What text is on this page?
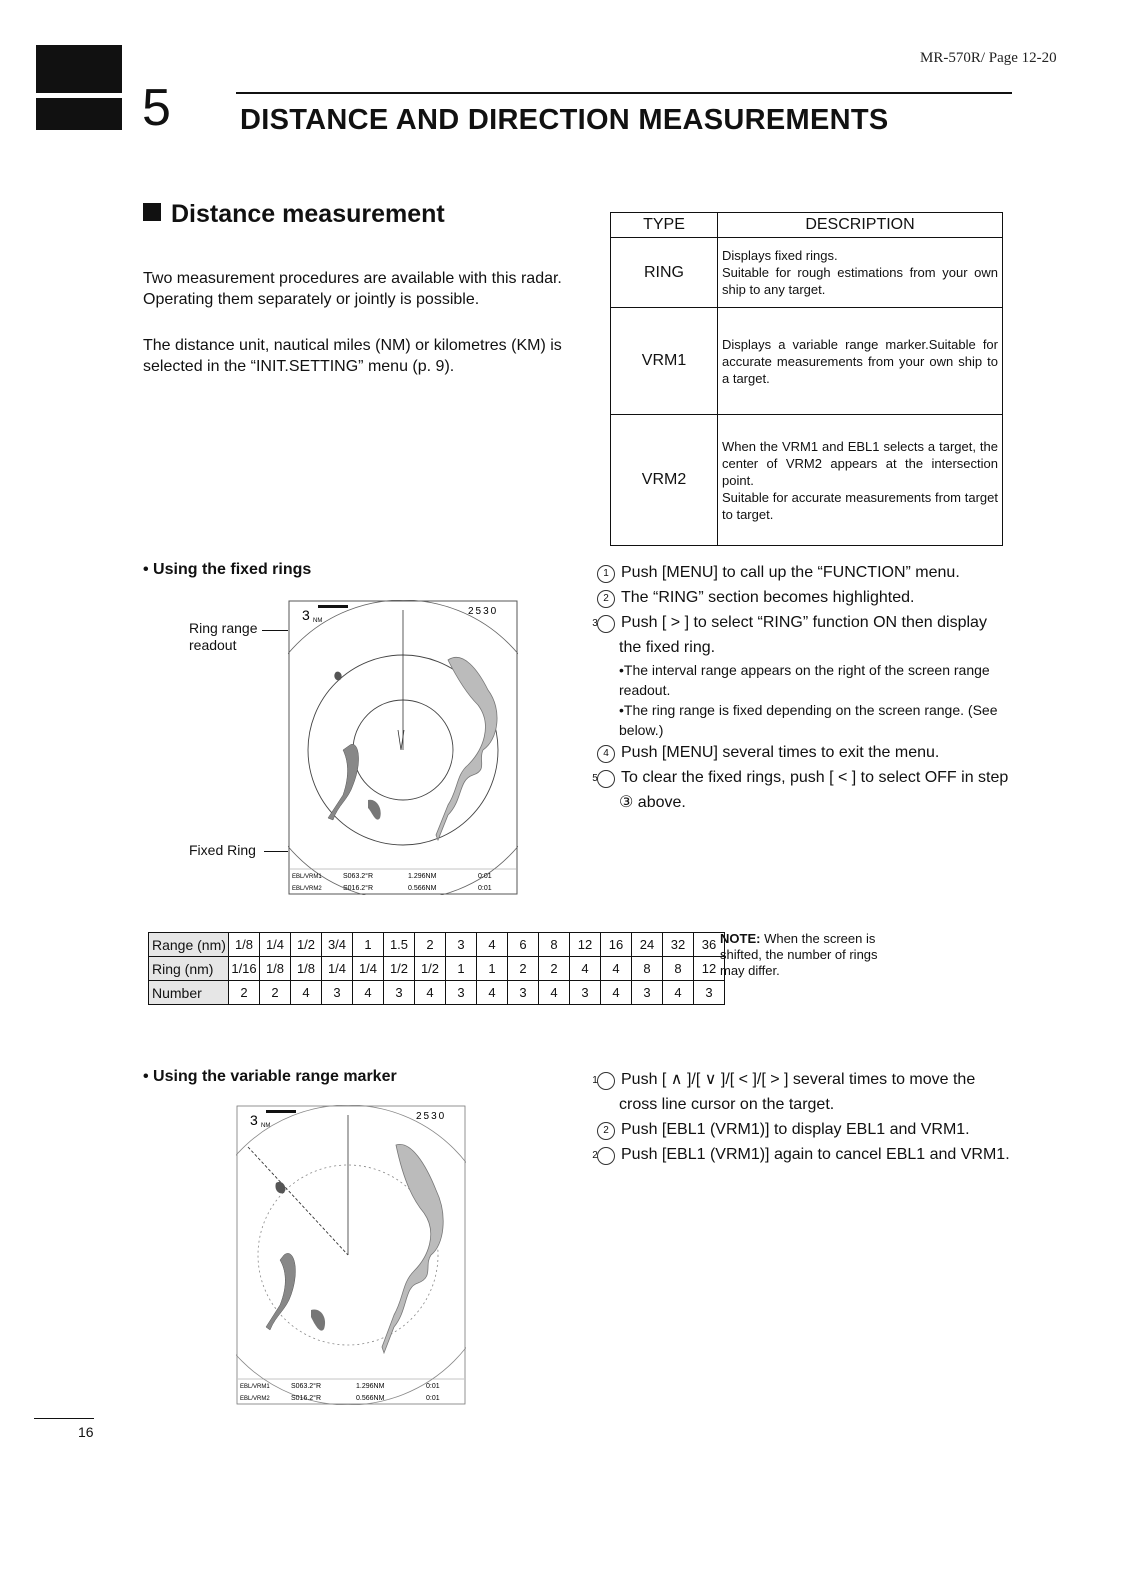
MR-570R/ Page 12-20
5 DISTANCE AND DIRECTION MEASUREMENTS
Distance measurement
Two measurement procedures are available with this radar. Operating them separately or jointly is possible.
The distance unit, nautical miles (NM) or kilometres (KM) is selected in the “INIT.SETTING” menu (p. 9).
TYPE	DESCRIPTION
RING	Displays fixed rings.
Suitable for rough estimations from your own ship to any target.

VRM1	Displays a variable range marker.Suitable for accurate measurements from your own ship to a target.

VRM2	When the VRM1 and EBL1 selects a target, the center of VRM2 appears at the intersection point.
Suitable for accurate measurements from target to target.
• Using the fixed rings
Ring range readout
Fixed Ring
3 NM
2530
EBL/VRM1	S063.2°R	1.296NM	0:01
EBL/VRM2	S016.2°R	0.566NM	0:01
1 Push [MENU] to call up the “FUNCTION” menu.
2 The “RING” section becomes highlighted.
3 Push [ > ] to select “RING” function ON then display the fixed ring.
•The interval range appears on the right of the screen range readout.
•The ring range is fixed depending on the screen range. (See below.)
4 Push [MENU] several times to exit the menu.
5 To clear the fixed rings, push [ < ] to select OFF in step ③ above.
Range (nm)	1/8	1/4	1/2	3/4	1	1.5	2	3	4	6	8	12	16	24	32	36
Ring (nm)	1/16	1/8	1/8	1/4	1/4	1/2	1/2	1	1	2	2	4	4	8	8	12
Number	2	2	4	3	4	3	4	3	4	3	4	3	4	3	4	3
NOTE: When the screen is shifted, the number of rings may differ.
• Using the variable range marker
3 NM
2530
EBL/VRM1	S063.2°R	1.296NM	0:01
EBL/VRM2	S016.2°R	0.566NM	0:01
1 Push [ ∧ ]/[ ∨ ]/[ < ]/[ > ] several times to move the cross line cursor on the target.
2 Push [EBL1 (VRM1)] to display EBL1 and VRM1.
2 Push [EBL1 (VRM1)] again to cancel EBL1 and VRM1.
16
